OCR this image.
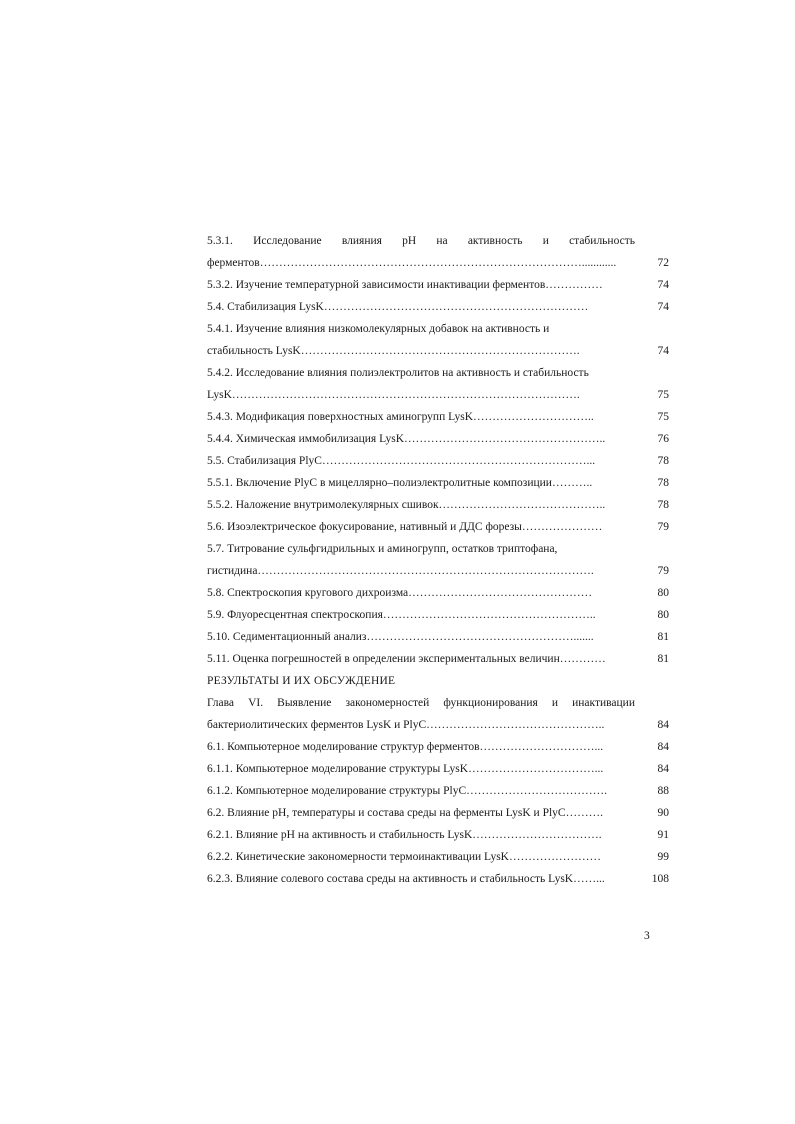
5.3.1. Исследование влияния pH на активность и стабильность
ферментов…………………………………………………………………………............	72
5.3.2. Изучение температурной зависимости инактивации ферментов……………	74
5.4. Стабилизация LysK……………………………………………………………	74
5.4.1. Изучение влияния низкомолекулярных добавок на активность и
стабильность LysK……………………………………………………………….	74
5.4.2. Исследование влияния полиэлектролитов на активность и стабильность
LysK……………………………………………………………………………….	75
5.4.3. Модификация поверхностных аминогрупп LysK…………………………..	75
5.4.4. Химическая иммобилизация LysK……………………………………………..	76
5.5. Стабилизация PlyC……………………………………………………………...	78
5.5.1. Включение PlyC в мицеллярно–полиэлектролитные композиции………..	78
5.5.2. Наложение внутримолекулярных сшивок……………………………………..	78
5.6. Изоэлектрическое фокусирование, нативный и ДДС форезы…………………	79
5.7. Титрование сульфгидрильных и аминогрупп, остатков триптофана,
гистидина…………………………………………………………………………….	79
5.8. Спектроскопия кругового дихроизма…………………………………………	80
5.9. Флуоресцентная спектроскопия………………………………………………..	80
5.10. Седиментационный анализ……………………………………………….......	81
5.11. Оценка погрешностей в определении экспериментальных величин…………	81
РЕЗУЛЬТАТЫ И ИХ ОБСУЖДЕНИЕ
Глава VI. Выявление закономерностей функционирования и инактивации
бактериолитических ферментов LysK и PlyC………………………………………..	84
6.1. Компьютерное моделирование структур ферментов…………………………...	84
6.1.1. Компьютерное моделирование структуры LysK……………………………...	84
6.1.2. Компьютерное моделирование структуры PlyC……………………………….	88
6.2. Влияние pH, температуры и состава среды на ферменты LysK и PlyC……….	90
6.2.1. Влияние pH на активность и стабильность LysK…………………………….	91
6.2.2. Кинетические закономерности термоинактивации LysK……………………	99
6.2.3. Влияние солевого состава среды на активность и стабильность LysK……...	108
3
